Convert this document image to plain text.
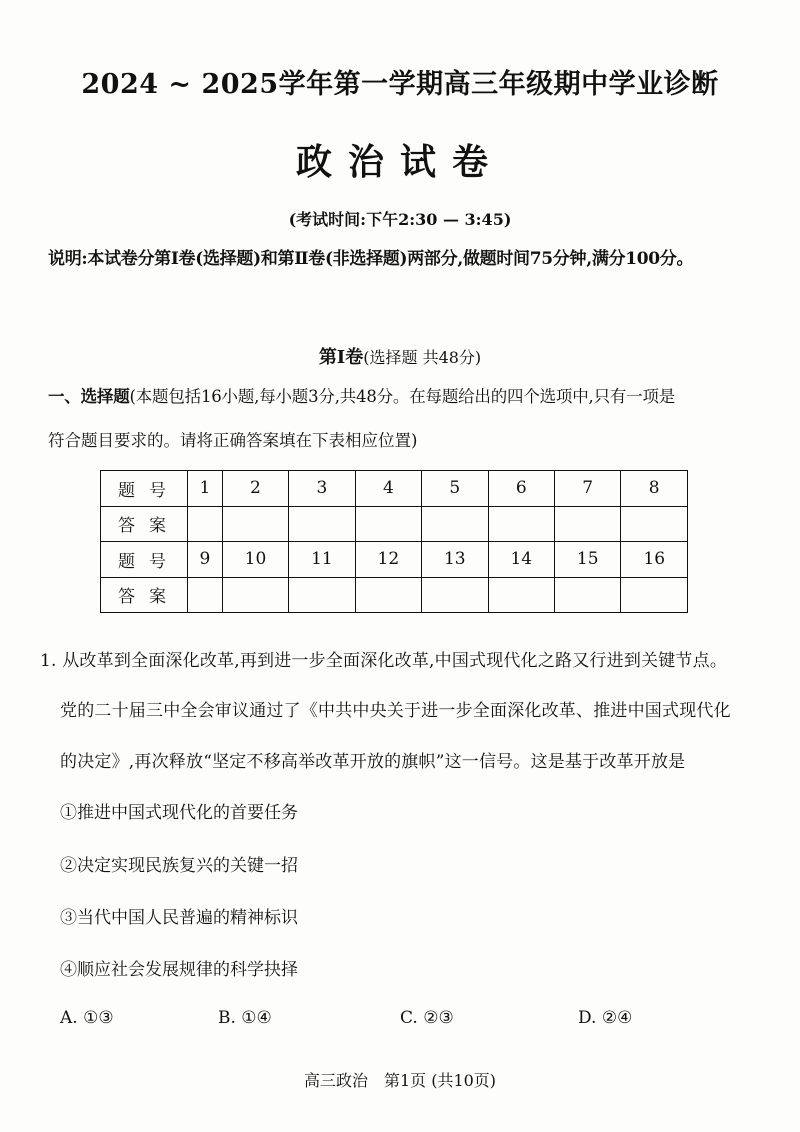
2024 ~ 2025学年第一学期高三年级期中学业诊断
政治试卷
(考试时间:下午2:30 — 3:45)
说明:本试卷分第Ⅰ卷(选择题)和第Ⅱ卷(非选择题)两部分,做题时间75分钟,满分100分。
第Ⅰ卷(选择题 共48分)
一、选择题(本题包括16小题,每小题3分,共48分。在每题给出的四个选项中,只有一项是
符合题目要求的。请将正确答案填在下表相应位置)
题号	1	2	3	4	5	6	7	8
答案								
题号	9	10	11	12	13	14	15	16
答案								
1. 从改革到全面深化改革,再到进一步全面深化改革,中国式现代化之路又行进到关键节点。
党的二十届三中全会审议通过了《中共中央关于进一步全面深化改革、推进中国式现代化
的决定》,再次释放“坚定不移高举改革开放的旗帜”这一信号。这是基于改革开放是
①推进中国式现代化的首要任务
②决定实现民族复兴的关键一招
③当代中国人民普遍的精神标识
④顺应社会发展规律的科学抉择
A. ①③	B. ①④	C. ②③	D. ②④
高三政治　第1页 (共10页)
